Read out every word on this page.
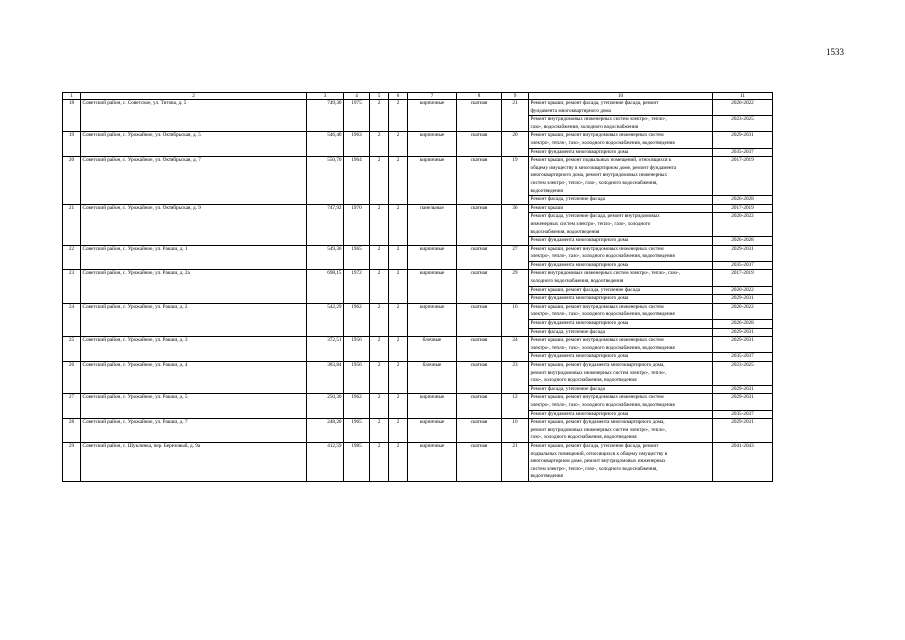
1533
1	2	3	4	5	6	7	8	9	10	11
18	Советский район, с. Советское, ул. Титова, д. 5	749,30	1975	2	2	кирпичные	скатная	21	Ремонт крыши, ремонт фасада, утепление фасада, ремонт
фундамента многоквартирного дома	2020-2022
									Ремонт внутридомовых инженерных систем электро-, тепло-,
газо-, водоснабжения, холодного водоснабжения	2023-2025
19	Советский район, с. Урожайное, ул. Октябрьская, д. 5	546,40	1963	2	2	кирпичные	скатная	20	Ремонт крыши, ремонт внутридомовых инженерных систем
электро-, тепло-, газо-, холодного водоснабжения, водоотведения	2029-2031
									Ремонт фундамента многоквартирного дома	2035-2037
20	Советский район, с. Урожайное, ул. Октябрьская, д. 7	550,70	1964	2	2	кирпичные	скатная	19	Ремонт крыши, ремонт подвальных помещений, относящихся к
общему имуществу в многоквартирном доме, ремонт фундамента
многоквартирного дома, ремонт внутридомовых инженерных
систем электро-, тепло-, газо-, холодного водоснабжения,
водоотведения	2017-2019
									Ремонт фасада, утепление фасада	2026-2028
21	Советский район, с. Урожайное, ул. Октябрьская, д. 9	747,92	1970	2	2	панельные	скатная	36	Ремонт крыши	2017-2019
									Ремонт фасада, утепление фасада, ремонт внутридомовых
инженерных систем электро-, тепло-, газо-, холодного
водоснабжения, водоотведения	2020-2022
									Ремонт фундамента многоквартирного дома	2026-2028
22	Советский район, с. Урожайное, ул. Ракши, д. 1	549,36	1965	2	2	кирпичные	скатная	27	Ремонт крыши, ремонт внутридомовых инженерных систем
электро-, тепло-, газо-, холодного водоснабжения, водоотведения	2029-2031
									Ремонт фундамента многоквартирного дома	2035-2037
23	Советский район, с. Урожайное, ул. Ракши, д. 2а	698,15	1972	2	2	кирпичные	скатная	29	Ремонт внутридомовых инженерных систем электро-, тепло-, газо-,
холодного водоснабжения, водоотведения	2017-2019
									Ремонт крыши, ремонт фасада, утепление фасада	2020-2022
									Ремонт фундамента многоквартирного дома	2029-2031
24	Советский район, с. Урожайное, ул. Ракши, д. 2	542,29	1962	2	2	кирпичные	скатная	16	Ремонт крыши, ремонт внутридомовых инженерных систем
электро-, тепло-, газо-, холодного водоснабжения, водоотведения	2020-2022
									Ремонт фундамента многоквартирного дома	2026-2028
									Ремонт фасада, утепление фасада	2029-2031
25	Советский район, с. Урожайное, ул. Ракши, д. 3	372,51	1956	2	2	блочные	скатная	24	Ремонт крыши, ремонт внутридомовых инженерных систем
электро-, тепло-, газо-, холодного водоснабжения, водоотведения	2029-2031
									Ремонт фундамента многоквартирного дома	2035-2037
26	Советский район, с. Урожайное, ул. Ракши, д. 4	383,84	1956	2	2	блочные	скатная	23	Ремонт крыши, ремонт фундамента многоквартирного дома,
ремонт внутридомовых инженерных систем электро-, тепло-,
газо-, холодного водоснабжения, водоотведения	2023-2025
									Ремонт фасада, утепление фасада	2029-2031
27	Советский район, с. Урожайное, ул. Ракши, д. 5	250,30	1962	2	2	кирпичные	скатная	12	Ремонт крыши, ремонт внутридомовых инженерных систем
электро-, тепло-, газо-, холодного водоснабжения, водоотведения	2029-2031
									Ремонт фундамента многоквартирного дома	2035-2037
28	Советский район, с. Урожайное, ул. Ракши, д. 7	248,20	1965	2	2	кирпичные	скатная	10	Ремонт крыши, ремонт фундамента многоквартирного дома,
ремонт внутридомовых инженерных систем электро-, тепло-,
газо-, холодного водоснабжения, водоотведения	2029-2031
29	Советский район, с. Шуклинка, пер. Березовый, д. 9а	412,59	1985	2	2	кирпичные	скатная	21	Ремонт крыши, ремонт фасада, утепление фасада, ремонт
подвальных помещений, относящихся к общему имуществу в
многоквартирном доме, ремонт внутридомовых инженерных
систем электро-, тепло-, газо-, холодного водоснабжения,
водоотведения	2041-2043
